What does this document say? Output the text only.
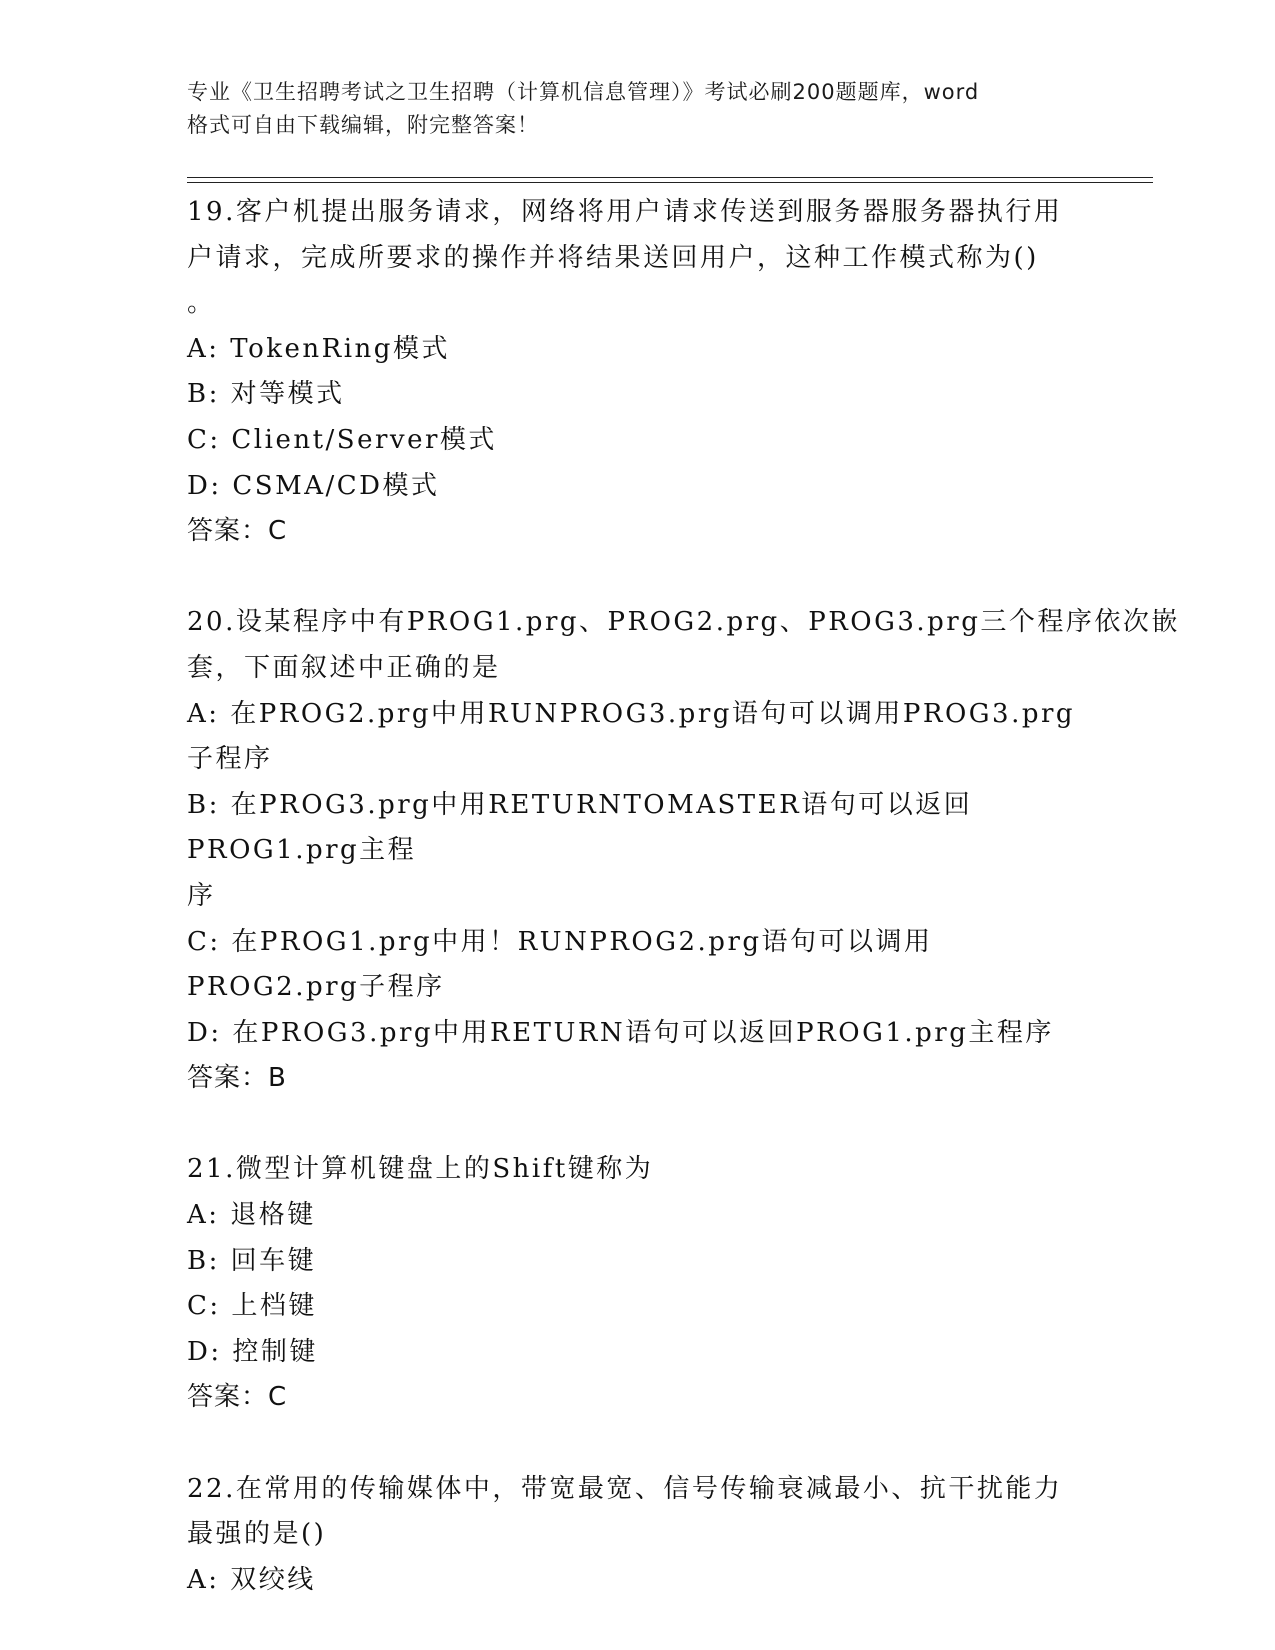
专业《卫生招聘考试之卫生招聘（计算机信息管理）》考试必刷200题题库，word
格式可自由下载编辑，附完整答案！
19.客户机提出服务请求，网络将用户请求传送到服务器服务器执行用
户请求，完成所要求的操作并将结果送回用户，这种工作模式称为()
。
A: TokenRing模式
B: 对等模式
C: Client/Server模式
D: CSMA/CD模式
答案：C
20.设某程序中有PROG1.prg、PROG2.prg、PROG3.prg三个程序依次嵌
套，下面叙述中正确的是
A: 在PROG2.prg中用RUNPROG3.prg语句可以调用PROG3.prg子程序
B: 在PROG3.prg中用RETURNTOMASTER语句可以返回PROG1.prg主程
序
C: 在PROG1.prg中用！RUNPROG2.prg语句可以调用PROG2.prg子程序
D: 在PROG3.prg中用RETURN语句可以返回PROG1.prg主程序
答案：B
21.微型计算机键盘上的Shift键称为
A: 退格键
B: 回车键
C: 上档键
D: 控制键
答案：C
22.在常用的传输媒体中，带宽最宽、信号传输衰减最小、抗干扰能力
最强的是()
A: 双绞线
